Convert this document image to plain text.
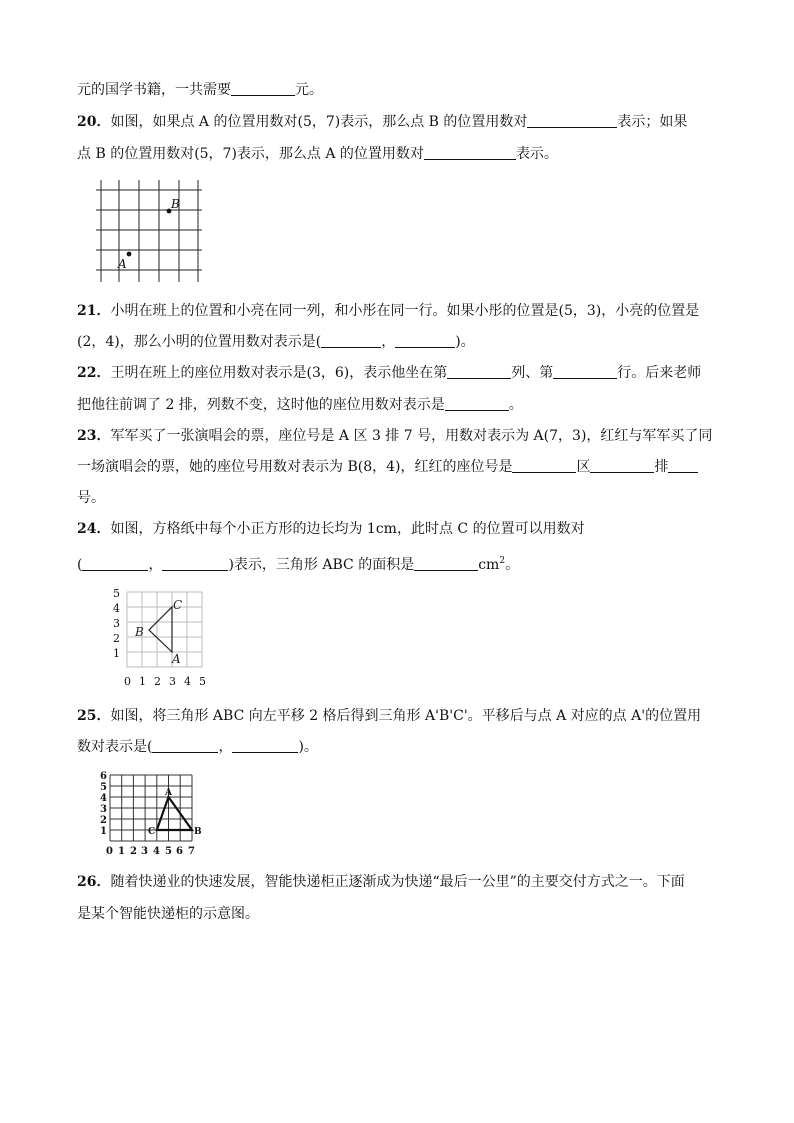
元的国学书籍，一共需要	元。
20．如图，如果点 A 的位置用数对(5，7)表示，那么点 B 的位置用数对	表示；如果
点 B 的位置用数对(5，7)表示，那么点 A 的位置用数对	表示。
A
B
21．小明在班上的位置和小亮在同一列，和小彤在同一行。如果小彤的位置是(5，3)，小亮的位置是
(2，4)，那么小明的位置用数对表示是(	，	)。
22．王明在班上的座位用数对表示是(3，6)，表示他坐在第	列、第	行。后来老师
把他往前调了 2 排，列数不变，这时他的座位用数对表示是	。
23．军军买了一张演唱会的票，座位号是 A 区 3 排 7 号，用数对表示为 A(7，3)，红红与军军买了同
一场演唱会的票，她的座位号用数对表示为 B(8，4)，红红的座位号是	区	排
号。
24．如图，方格纸中每个小正方形的边长均为 1cm，此时点 C 的位置可以用数对
(	，	)表示，三角形 ABC 的面积是	$cm^2$。
C
B
A
5
4
3
2
1
0 1 2 3 4 5
25．如图，将三角形 ABC 向左平移 2 格后得到三角形 A'B'C'。平移后与点 A 对应的点 A'的位置用
数对表示是(	，	)。
A
C	B
6
5
4
3
2
1
0 1 2 3 4 5 6 7
26．随着快递业的快速发展，智能快递柜正逐渐成为快递“最后一公里”的主要交付方式之一。下面
是某个智能快递柜的示意图。
